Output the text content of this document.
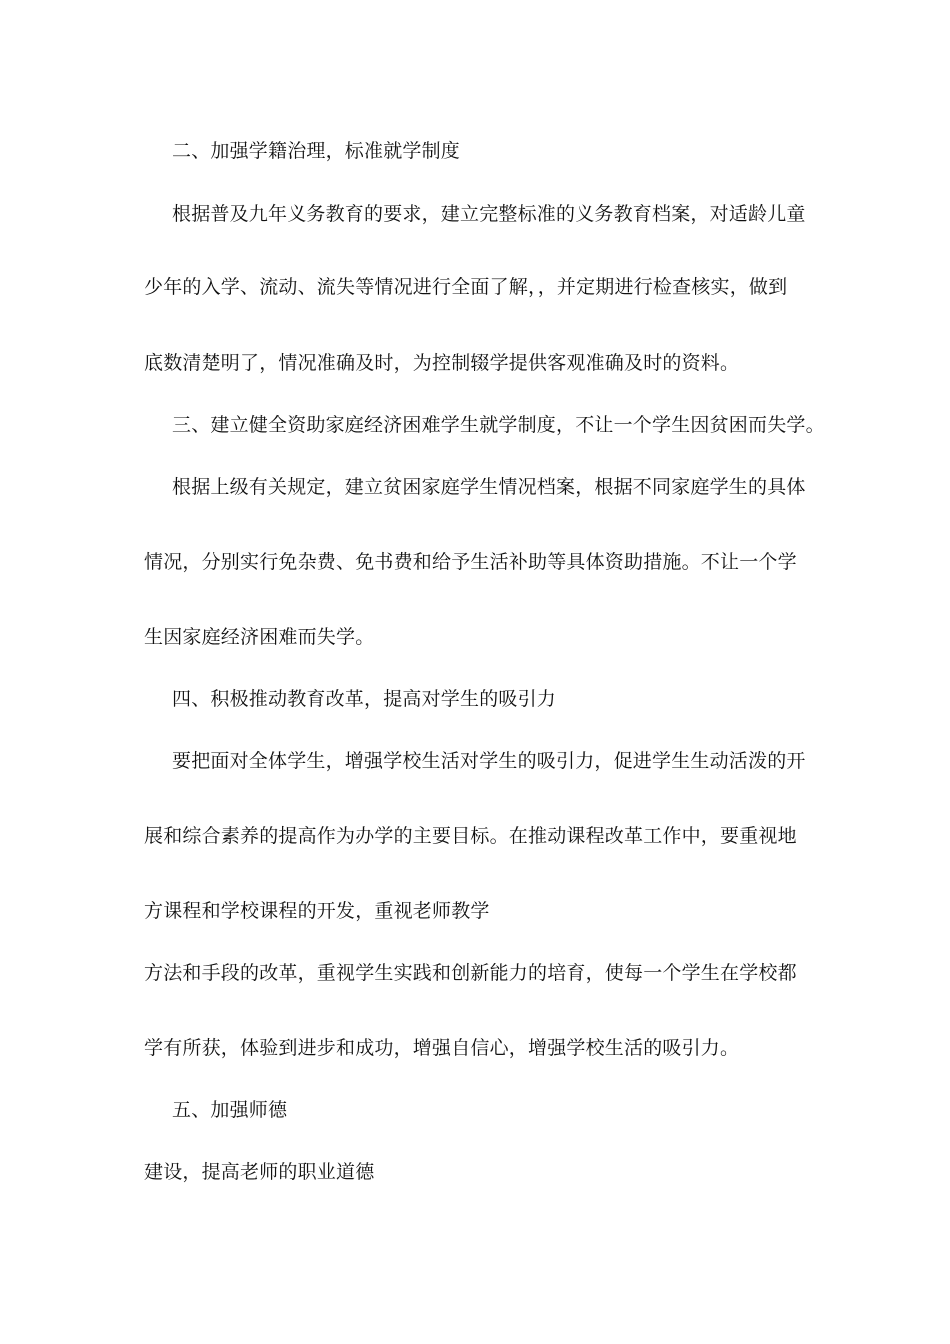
二、加强学籍治理，标准就学制度
根据普及九年义务教育的要求，建立完整标准的义务教育档案，对适龄儿童
少年的入学、流动、流失等情况进行全面了解，，并定期进行检查核实，做到
底数清楚明了，情况准确及时，为控制辍学提供客观准确及时的资料。
三、建立健全资助家庭经济困难学生就学制度，不让一个学生因贫困而失学。
根据上级有关规定，建立贫困家庭学生情况档案，根据不同家庭学生的具体
情况，分别实行免杂费、免书费和给予生活补助等具体资助措施。不让一个学
生因家庭经济困难而失学。
四、积极推动教育改革，提高对学生的吸引力
要把面对全体学生，增强学校生活对学生的吸引力，促进学生生动活泼的开
展和综合素养的提高作为办学的主要目标。在推动课程改革工作中，要重视地
方课程和学校课程的开发，重视老师教学
方法和手段的改革，重视学生实践和创新能力的培育，使每一个学生在学校都
学有所获，体验到进步和成功，增强自信心，增强学校生活的吸引力。
五、加强师德
建设，提高老师的职业道德
